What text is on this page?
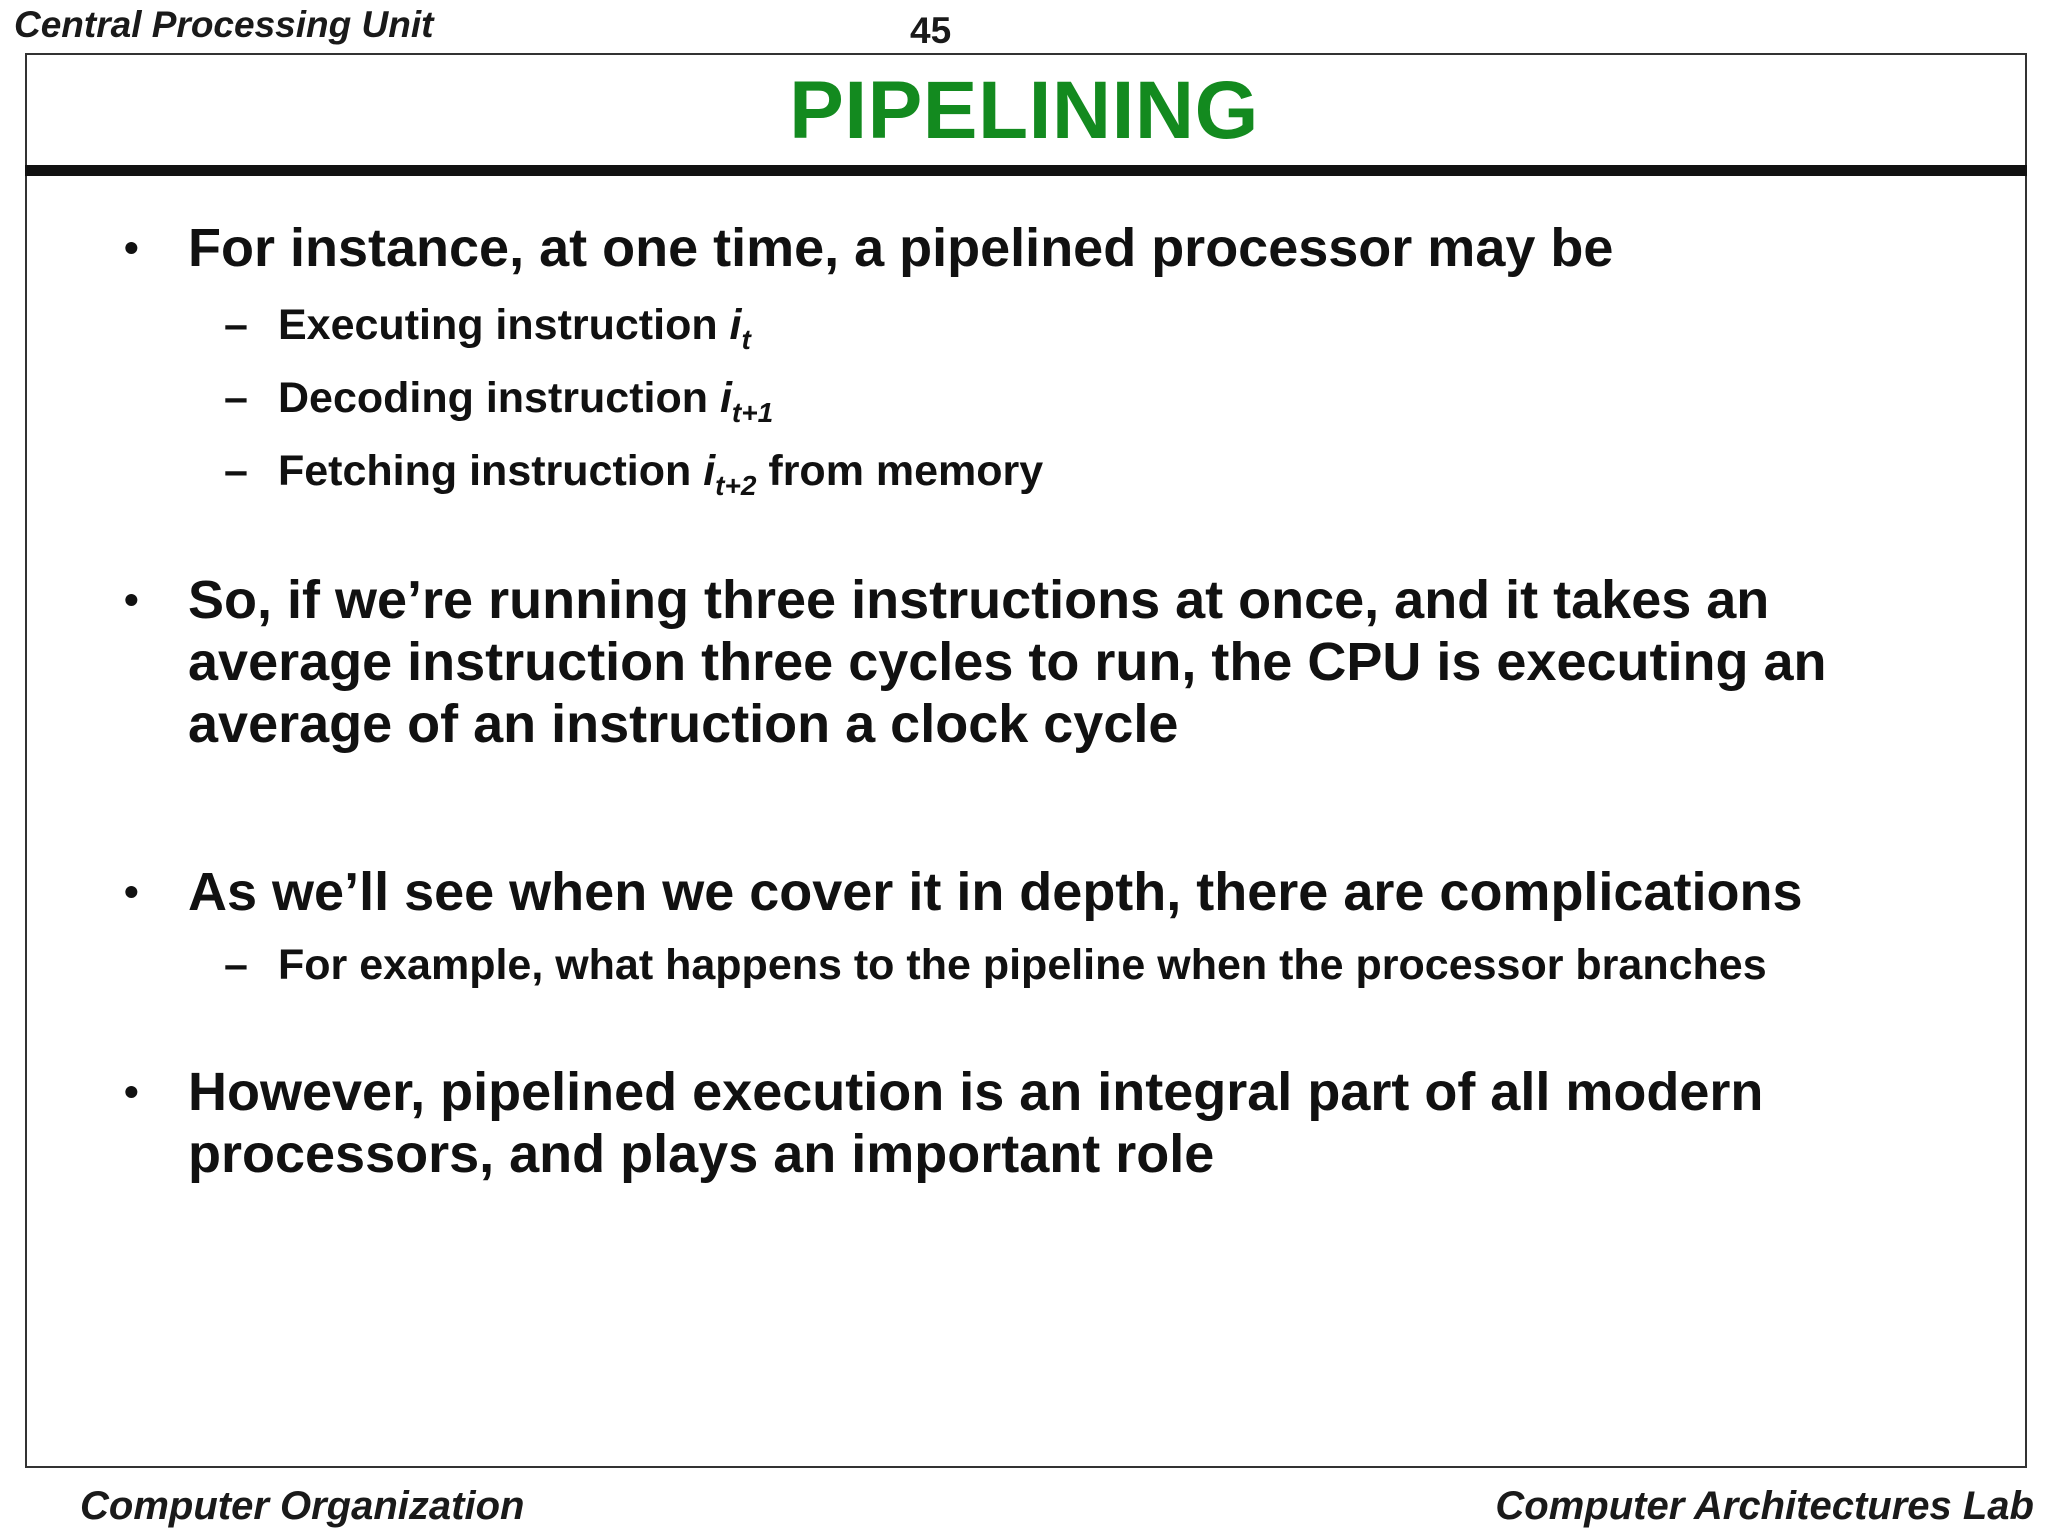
Central Processing Unit	45
PIPELINING
• For instance, at one time, a pipelined processor may be
– Executing instruction $i_t$
– Decoding instruction $i_{t+1}$
– Fetching instruction $i_{t+2}$ from memory
• So, if we’re running three instructions at once, and it takes an average instruction three cycles to run, the CPU is executing an average of an instruction a clock cycle
• As we’ll see when we cover it in depth, there are complications
– For example, what happens to the pipeline when the processor branches
• However, pipelined execution is an integral part of all modern processors, and plays an important role
Computer Organization	Computer Architectures Lab
